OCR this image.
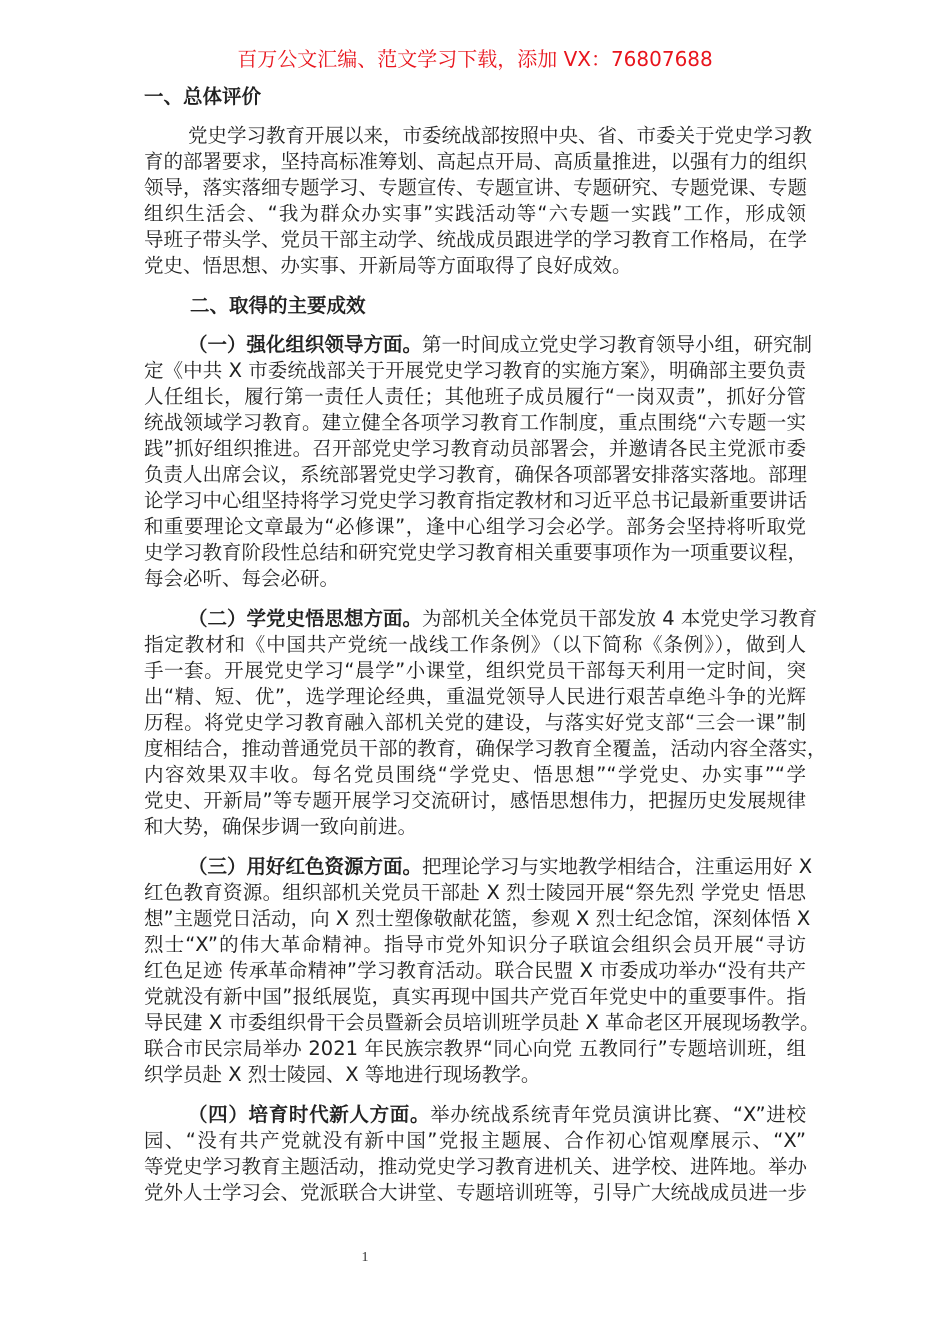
百万公文汇编、范文学习下载，添加 VX：76807688
一、总体评价
党史学习教育开展以来，市委统战部按照中央、省、市委关于党史学习教
育的部署要求，坚持高标准筹划、高起点开局、高质量推进，以强有力的组织
领导，落实落细专题学习、专题宣传、专题宣讲、专题研究、专题党课、专题
组织生活会、“我为群众办实事”实践活动等“六专题一实践”工作，形成领
导班子带头学、党员干部主动学、统战成员跟进学的学习教育工作格局，在学
党史、悟思想、办实事、开新局等方面取得了良好成效。
二、取得的主要成效
（一）强化组织领导方面。第一时间成立党史学习教育领导小组，研究制
定《中共 X 市委统战部关于开展党史学习教育的实施方案》，明确部主要负责
人任组长，履行第一责任人责任；其他班子成员履行“一岗双责”，抓好分管
统战领域学习教育。建立健全各项学习教育工作制度，重点围绕“六专题一实
践”抓好组织推进。召开部党史学习教育动员部署会，并邀请各民主党派市委
负责人出席会议，系统部署党史学习教育，确保各项部署安排落实落地。部理
论学习中心组坚持将学习党史学习教育指定教材和习近平总书记最新重要讲话
和重要理论文章最为“必修课”，逢中心组学习会必学。部务会坚持将听取党
史学习教育阶段性总结和研究党史学习教育相关重要事项作为一项重要议程，
每会必听、每会必研。
（二）学党史悟思想方面。为部机关全体党员干部发放 4 本党史学习教育
指定教材和《中国共产党统一战线工作条例》（以下简称《条例》），做到人
手一套。开展党史学习“晨学”小课堂，组织党员干部每天利用一定时间，突
出“精、短、优”，选学理论经典，重温党领导人民进行艰苦卓绝斗争的光辉
历程。将党史学习教育融入部机关党的建设，与落实好党支部“三会一课”制
度相结合，推动普通党员干部的教育，确保学习教育全覆盖，活动内容全落实，
内容效果双丰收。每名党员围绕“学党史、悟思想”“学党史、办实事”“学
党史、开新局”等专题开展学习交流研讨，感悟思想伟力，把握历史发展规律
和大势，确保步调一致向前进。
（三）用好红色资源方面。把理论学习与实地教学相结合，注重运用好 X
红色教育资源。组织部机关党员干部赴 X 烈士陵园开展“祭先烈 学党史 悟思
想”主题党日活动，向 X 烈士塑像敬献花篮，参观 X 烈士纪念馆，深刻体悟 X
烈士“X”的伟大革命精神。指导市党外知识分子联谊会组织会员开展“寻访
红色足迹 传承革命精神”学习教育活动。联合民盟 X 市委成功举办“没有共产
党就没有新中国”报纸展览，真实再现中国共产党百年党史中的重要事件。指
导民建 X 市委组织骨干会员暨新会员培训班学员赴 X 革命老区开展现场教学。
联合市民宗局举办 2021 年民族宗教界“同心向党 五教同行”专题培训班，组
织学员赴 X 烈士陵园、X 等地进行现场教学。
（四）培育时代新人方面。举办统战系统青年党员演讲比赛、“X”进校
园、“没有共产党就没有新中国”党报主题展、合作初心馆观摩展示、“X”
等党史学习教育主题活动，推动党史学习教育进机关、进学校、进阵地。举办
党外人士学习会、党派联合大讲堂、专题培训班等，引导广大统战成员进一步
1
